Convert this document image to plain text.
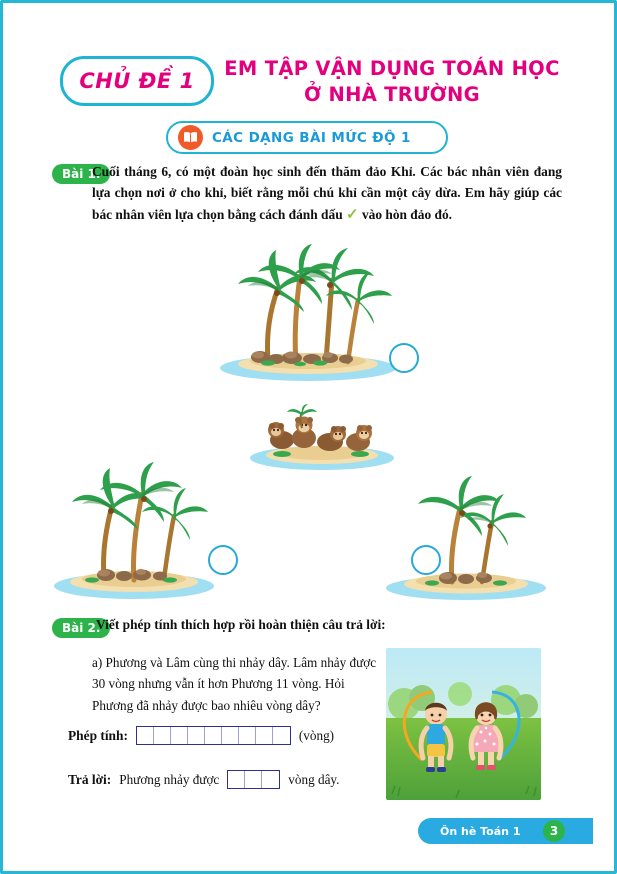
CHỦ ĐỀ 1
EM TẬP VẬN DỤNG TOÁN HỌC
Ở NHÀ TRƯỜNG
CÁC DẠNG BÀI MỨC ĐỘ 1
Bài 1.
Cuối tháng 6, có một đoàn học sinh đến thăm đảo Khỉ. Các bác nhân viên đang lựa chọn nơi ở cho khỉ, biết rằng mỗi chú khỉ cần một cây dừa. Em hãy giúp các bác nhân viên lựa chọn bằng cách đánh dấu ✓ vào hòn đảo đó.
Bài 2.
Viết phép tính thích hợp rồi hoàn thiện câu trả lời:
a) Phương và Lâm cùng thi nhảy dây. Lâm nhảy được 30 vòng nhưng vẫn ít hơn Phương 11 vòng. Hỏi Phương đã nhảy được bao nhiêu vòng dây?
Phép tính:	(vòng)
Trả lời: Phương nhảy được	vòng dây.
Ôn hè Toán 1	3
